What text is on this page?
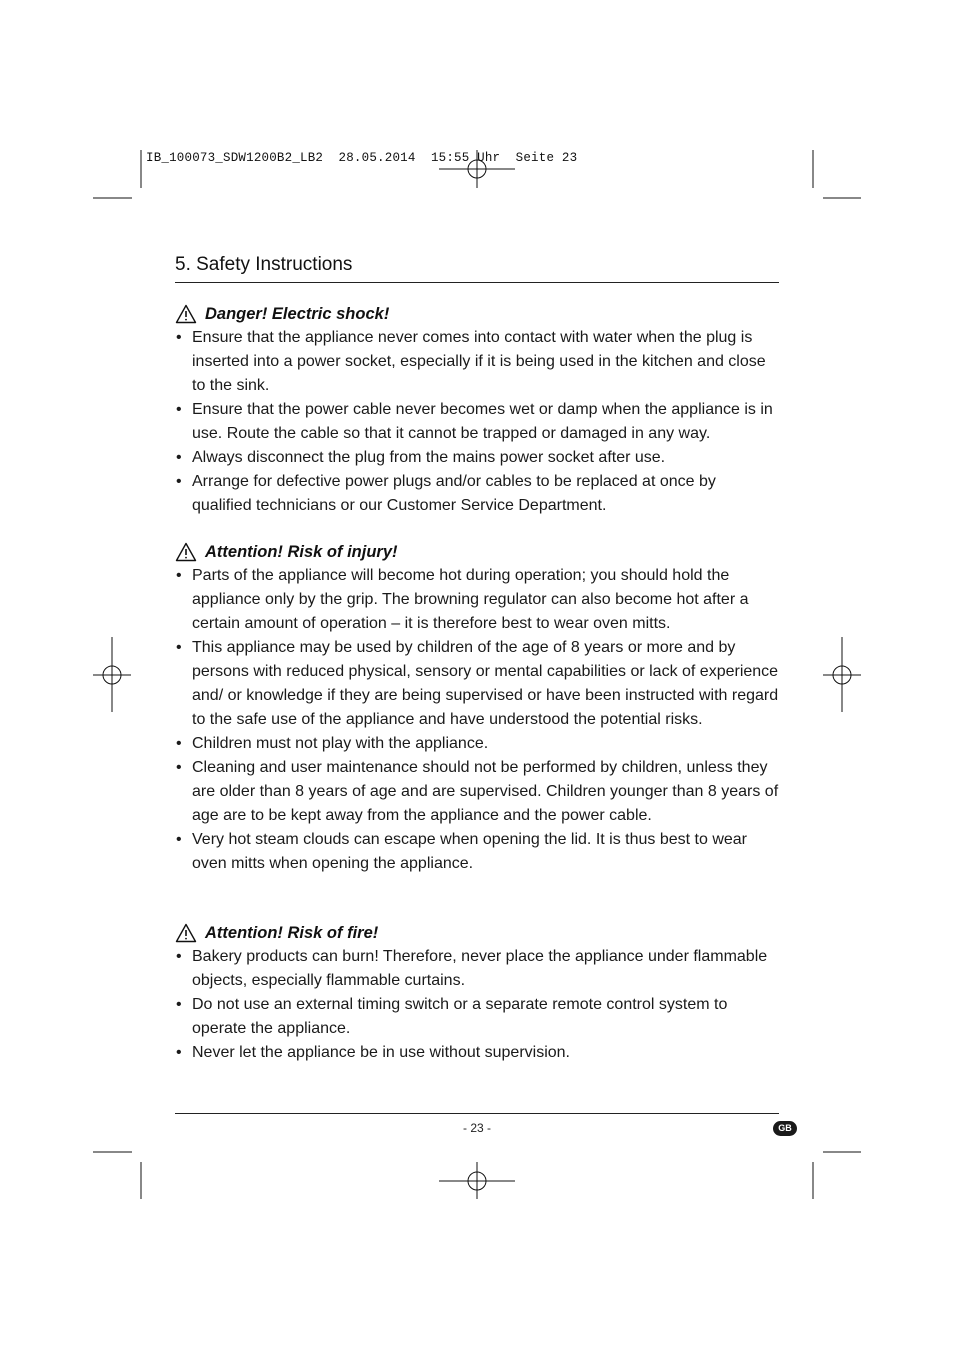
IB_100073_SDW1200B2_LB2  28.05.2014  15:55 Uhr  Seite 23
5. Safety Instructions
Danger! Electric shock!
• Ensure that the appliance never comes into contact with water when the plug is inserted into a power socket, especially if it is being used in the kitchen and close to the sink.
• Ensure that the power cable never becomes wet or damp when the appliance is in use. Route the cable so that it cannot be trapped or damaged in any way.
• Always disconnect the plug from the mains power socket after use.
• Arrange for defective power plugs and/or cables to be replaced at once by qualified technicians or our Customer Service Department.
Attention! Risk of injury!
• Parts of the appliance will become hot during operation; you should hold the appliance only by the grip. The browning regulator can also become hot after a certain amount of operation – it is therefore best to wear oven mitts.
• This appliance may be used by children of the age of 8 years or more and by persons with reduced physical, sensory or mental capabilities or lack of experience and/ or knowledge if they are being supervised or have been instructed with regard to the safe use of the appliance and have understood the potential risks.
• Children must not play with the appliance.
• Cleaning and user maintenance should not be performed by children, unless they are older than 8 years of age and are supervised. Children younger than 8 years of age are to be kept away from the appliance and the power cable.
• Very hot steam clouds can escape when opening the lid. It is thus best to wear oven mitts when opening the appliance.
Attention! Risk of fire!
• Bakery products can burn! Therefore, never place the appliance under flammable objects, especially flammable curtains.
• Do not use an external timing switch or a separate remote control system to operate the appliance.
• Never let the appliance be in use without supervision.
- 23 -	GB
